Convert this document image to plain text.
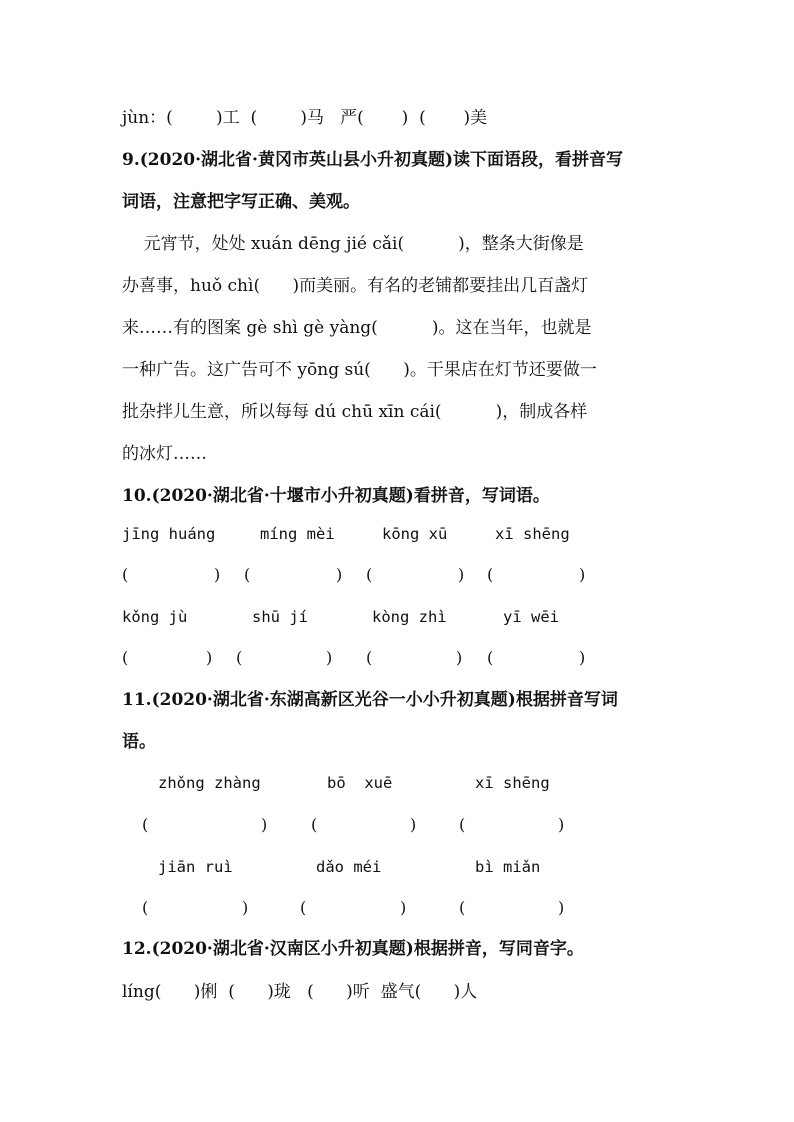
jùn：(        )工  (        )马   严(       )  (       )美
9.(2020·湖北省·黄冈市英山县小升初真题)读下面语段，看拼音写
词语，注意把字写正确、美观。
元宵节，处处 xuán dēng jié cǎi(          )，整条大街像是
办喜事，huǒ chì(      )而美丽。有名的老铺都要挂出几百盏灯
来……有的图案 gè shì gè yàng(          )。这在当年，也就是
一种广告。这广告可不 yōng sú(      )。干果店在灯节还要做一
批杂拌儿生意，所以每每 dú chū xīn cái(          )，制成各样
的冰灯……
10.(2020·湖北省·十堰市小升初真题)看拼音，写词语。
jīng huáng	míng mèi	kōng xū	xī shēng
(	) (	) (	) (	)
kǒng jù	shū jí	kòng zhì	yī wēi
(	) (	) (	) (	)
11.(2020·湖北省·东湖高新区光谷一小小升初真题)根据拼音写词
语。
zhǒng zhàng	bō  xuē	xī shēng
(	)	(	)	(	)
jiān ruì	dǎo méi	bì miǎn
(	)	(	)	(	)
12.(2020·湖北省·汉南区小升初真题)根据拼音，写同音字。
líng(      )俐  (      )珑   (      )听  盛气(      )人
